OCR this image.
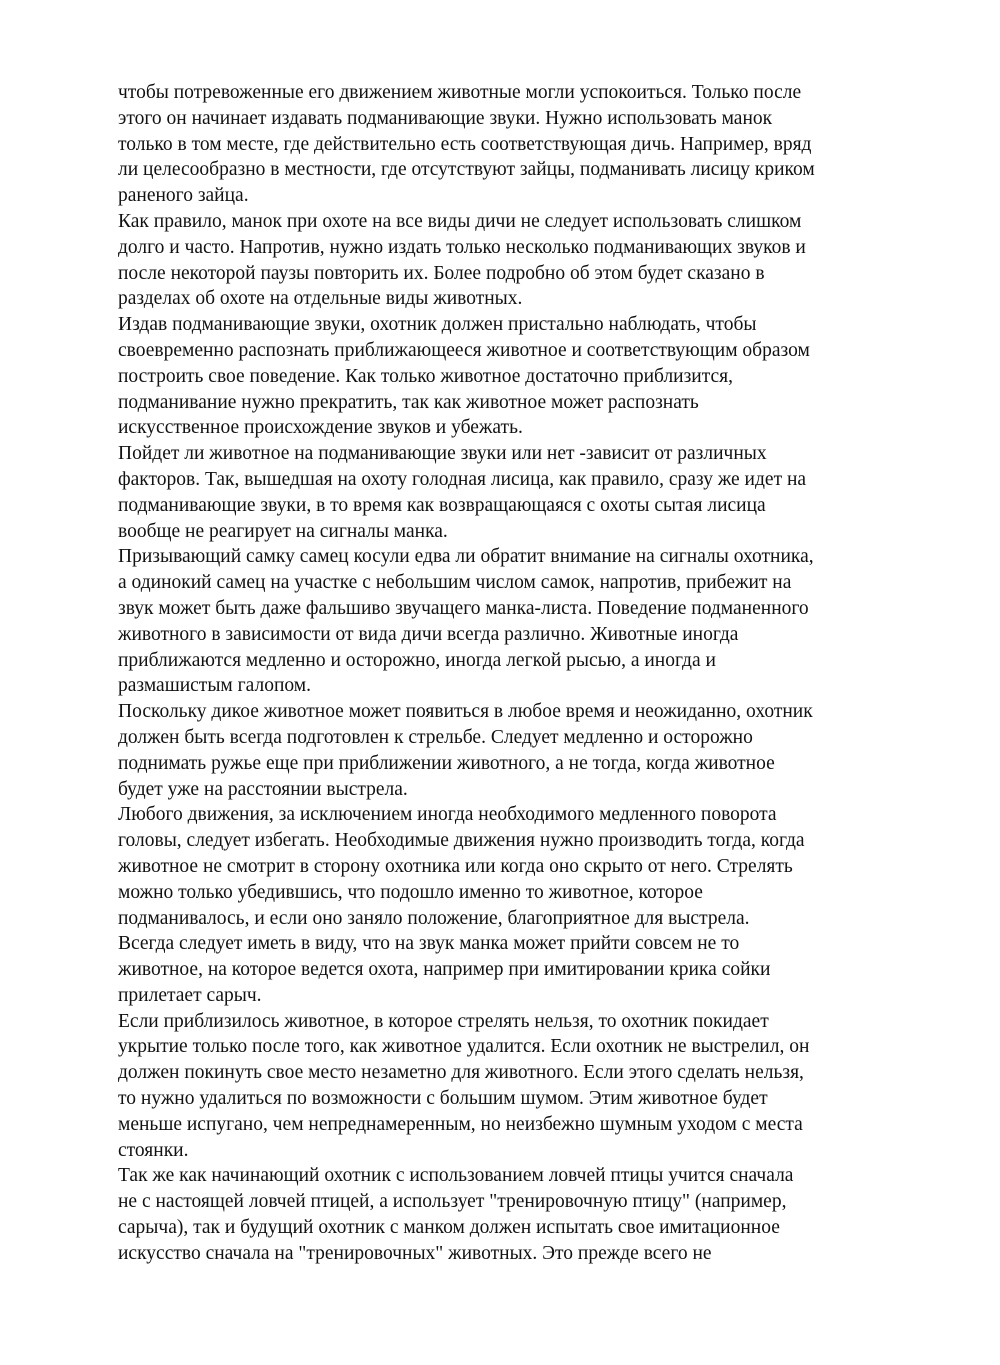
чтобы потревоженные его движением животные могли успокоиться. Только после
этого он начинает издавать подманивающие звуки. Нужно использовать манок
только в том месте, где действительно есть соответствующая дичь. Например, вряд
ли целесообразно в местности, где отсутствуют зайцы, подманивать лисицу криком
раненого зайца.
Как правило, манок при охоте на все виды дичи не следует использовать слишком
долго и часто. Напротив, нужно издать только несколько подманивающих звуков и
после некоторой паузы повторить их. Более подробно об этом будет сказано в
разделах об охоте на отдельные виды животных.
Издав подманивающие звуки, охотник должен пристально наблюдать, чтобы
своевременно распознать приближающееся животное и соответствующим образом
построить свое поведение. Как только животное достаточно приблизится,
подманивание нужно прекратить, так как животное может распознать
искусственное происхождение звуков и убежать.
Пойдет ли животное на подманивающие звуки или нет -зависит от различных
факторов. Так, вышедшая на охоту голодная лисица, как правило, сразу же идет на
подманивающие звуки, в то время как возвращающаяся с охоты сытая лисица
вообще не реагирует на сигналы манка.
Призывающий самку самец косули едва ли обратит внимание на сигналы охотника,
а одинокий самец на участке с небольшим числом самок, напротив, прибежит на
звук может быть даже фальшиво звучащего манка-листа. Поведение подманенного
животного в зависимости от вида дичи всегда различно. Животные иногда
приближаются медленно и осторожно, иногда легкой рысью, а иногда и
размашистым галопом.
Поскольку дикое животное может появиться в любое время и неожиданно, охотник
должен быть всегда подготовлен к стрельбе. Следует медленно и осторожно
поднимать ружье еще при приближении животного, а не тогда, когда животное
будет уже на расстоянии выстрела.
Любого движения, за исключением иногда необходимого медленного поворота
головы, следует избегать. Необходимые движения нужно производить тогда, когда
животное не смотрит в сторону охотника или когда оно скрыто от него. Стрелять
можно только убедившись, что подошло именно то животное, которое
подманивалось, и если оно заняло положение, благоприятное для выстрела.
Всегда следует иметь в виду, что на звук манка может прийти совсем не то
животное, на которое ведется охота, например при имитировании крика сойки
прилетает сарыч.
Если приблизилось животное, в которое стрелять нельзя, то охотник покидает
укрытие только после того, как животное удалится. Если охотник не выстрелил, он
должен покинуть свое место незаметно для животного. Если этого сделать нельзя,
то нужно удалиться по возможности с большим шумом. Этим животное будет
меньше испугано, чем непреднамеренным, но неизбежно шумным уходом с места
стоянки.
Так же как начинающий охотник с использованием ловчей птицы учится сначала
не с настоящей ловчей птицей, а использует "тренировочную птицу" (например,
сарыча), так и будущий охотник с манком должен испытать свое имитационное
искусство сначала на "тренировочных" животных. Это прежде всего не
